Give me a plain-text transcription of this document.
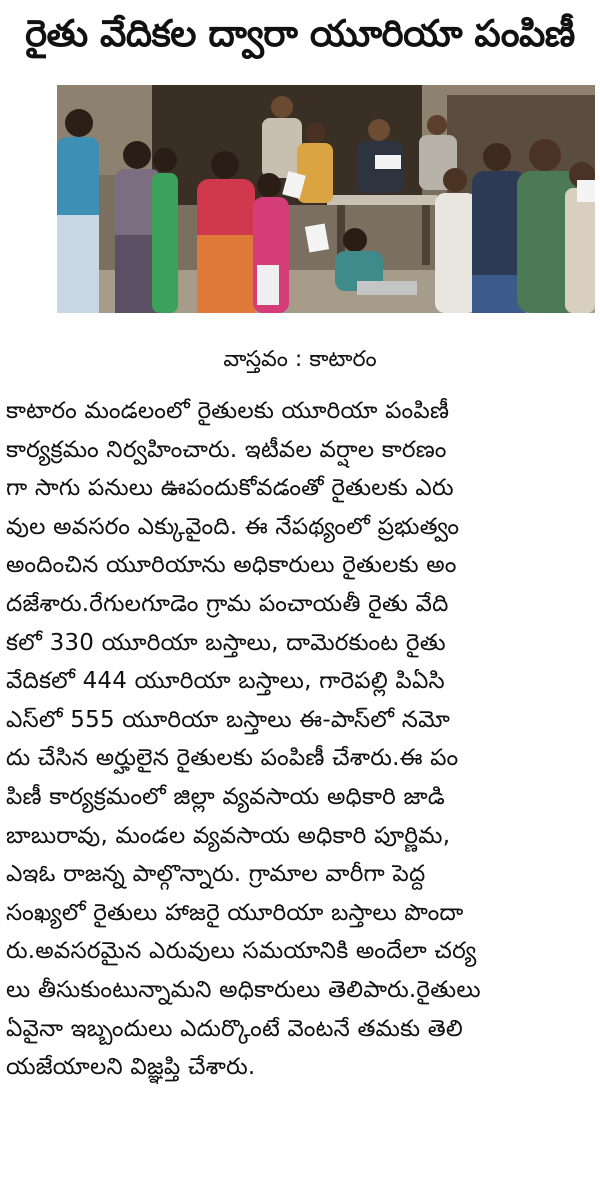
రైతు వేదికల ద్వారా యూరియా పంపిణీ
వాస్తవం : కాటారం
కాటారం మండలంలో రైతులకు యూరియా పంపిణీ
కార్యక్రమం నిర్వహించారు. ఇటీవల వర్షాల కారణం
గా సాగు పనులు ఊపందుకోవడంతో రైతులకు ఎరు
వుల అవసరం ఎక్కువైంది. ఈ నేపథ్యంలో ప్రభుత్వం
అందించిన యూరియాను అధికారులు రైతులకు అం
దజేశారు.రేగులగూడెం గ్రామ పంచాయతీ రైతు వేది
కలో 330 యూరియా బస్తాలు, దామెరకుంట రైతు
వేదికలో 444 యూరియా బస్తాలు, గారెపల్లి పిఏసి
ఎస్‌లో 555 యూరియా బస్తాలు ఈ-పాస్‌లో నమో
దు చేసిన అర్హులైన రైతులకు పంపిణీ చేశారు.ఈ పం
పిణీ కార్యక్రమంలో జిల్లా వ్యవసాయ అధికారి జాడి
బాబురావు, మండల వ్యవసాయ అధికారి పూర్ణిమ,
ఎఇఓ రాజన్న పాల్గొన్నారు. గ్రామాల వారీగా పెద్ద
సంఖ్యలో రైతులు హాజరై యూరియా బస్తాలు పొందా
రు.అవసరమైన ఎరువులు సమయానికి అందేలా చర్య
లు తీసుకుంటున్నామని అధికారులు తెలిపారు.రైతులు
ఏవైనా ఇబ్బందులు ఎదుర్కొంటే వెంటనే తమకు తెలి
యజేయాలని విజ్ఞప్తి చేశారు.
